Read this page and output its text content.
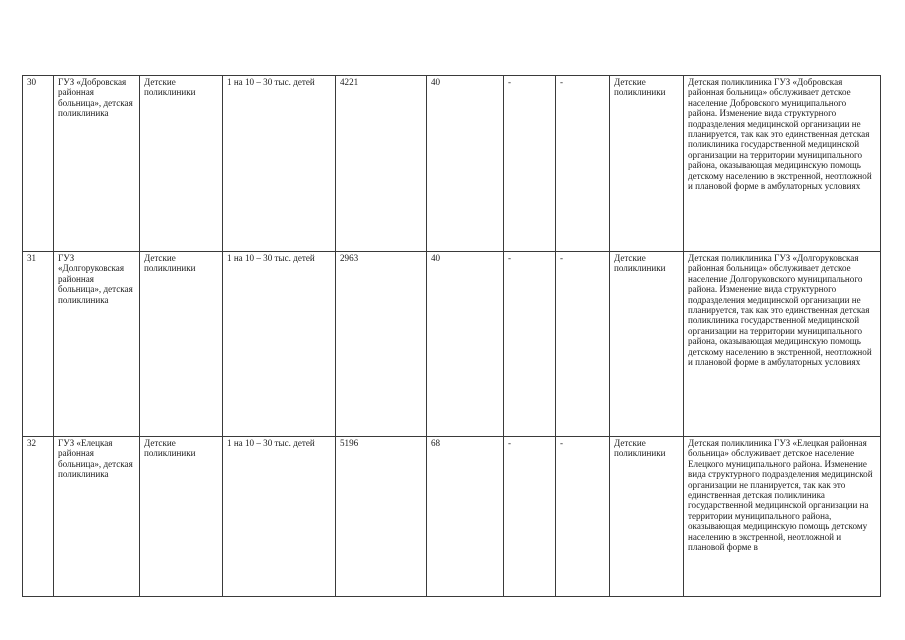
30	ГУЗ «Добровская районная больница», детская поликлиника	Детские поликлиники	1 на 10 – 30 тыс. детей	4221	40	-	-	Детские поликлиники	Детская поликлиника ГУЗ «Добровская районная больница» обслуживает детское население Добровского муниципального района. Изменение вида структурного подразделения медицинской организации не планируется, так как это единственная детская поликлиника государственной медицинской организации на территории муниципального района, оказывающая медицинскую помощь детскому населению в экстренной, неотложной и плановой форме в амбулаторных условиях
31	ГУЗ «Долгоруковская районная больница», детская поликлиника	Детские поликлиники	1 на 10 – 30 тыс. детей	2963	40	-	-	Детские поликлиники	Детская поликлиника ГУЗ «Долгоруковская районная больница» обслуживает детское население Долгоруковского муниципального района. Изменение вида структурного подразделения медицинской организации не планируется, так как это единственная детская поликлиника государственной медицинской организации на территории муниципального района, оказывающая медицинскую помощь детскому населению в экстренной, неотложной и плановой форме в амбулаторных условиях
32	ГУЗ «Елецкая районная больница», детская поликлиника	Детские поликлиники	1 на 10 – 30 тыс. детей	5196	68	-	-	Детские поликлиники	Детская поликлиника ГУЗ «Елецкая районная больница» обслуживает детское население Елецкого муниципального района. Изменение вида структурного подразделения медицинской организации не планируется, так как это единственная детская поликлиника государственной медицинской организации на территории муниципального района, оказывающая медицинскую помощь детскому населению в экстренной, неотложной и плановой форме в
